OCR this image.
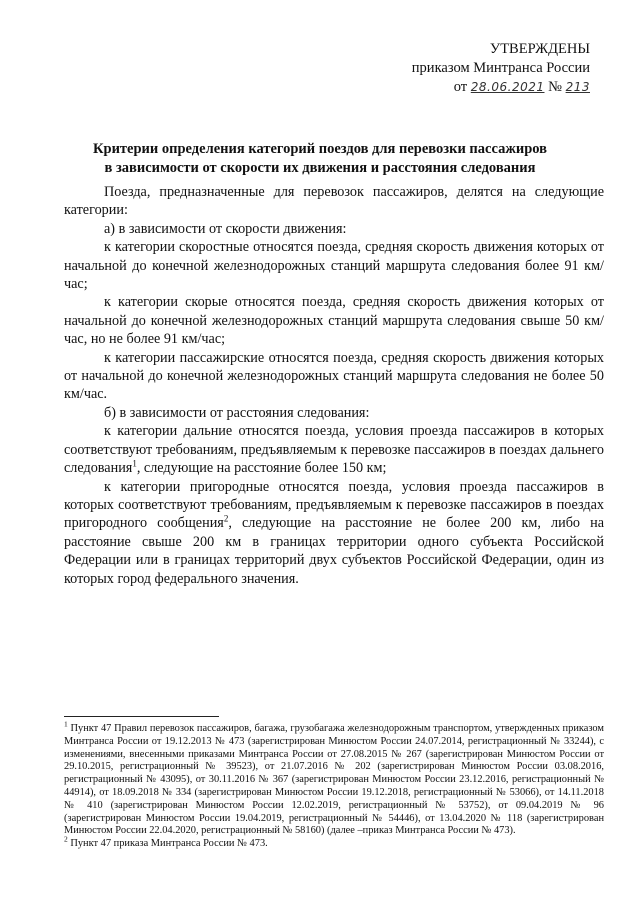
УТВЕРЖДЕНЫ
приказом Минтранса России
от 28.06.2021 № 213
Критерии определения категорий поездов для перевозки пассажиров
в зависимости от скорости их движения и расстояния следования

Поезда, предназначенные для перевозок пассажиров, делятся на следующие категории:

а) в зависимости от скорости движения:

к категории скоростные относятся поезда, средняя скорость движения которых от начальной до конечной железнодорожных станций маршрута следования более 91 км/час;

к категории скорые относятся поезда, средняя скорость движения которых от начальной до конечной железнодорожных станций маршрута следования свыше 50 км/час, но не более 91 км/час;

к категории пассажирские относятся поезда, средняя скорость движения которых от начальной до конечной железнодорожных станций маршрута следования не более 50 км/час.

б) в зависимости от расстояния следования:

к категории дальние относятся поезда, условия проезда пассажиров в которых соответствуют требованиям, предъявляемым к перевозке пассажиров в поездах дальнего следования$^1$, следующие на расстояние более 150 км;

к категории пригородные относятся поезда, условия проезда пассажиров в которых соответствуют требованиям, предъявляемым к перевозке пассажиров в поездах пригородного сообщения$^2$, следующие на расстояние не более 200 км, либо на расстояние свыше 200 км в границах территории одного субъекта Российской Федерации или в границах территорий двух субъектов Российской Федерации, один из которых город федерального значения.

$^1$ Пункт 47 Правил перевозок пассажиров, багажа, грузобагажа железнодорожным транспортом, утвержденных приказом Минтранса России от 19.12.2013 № 473 (зарегистрирован Минюстом России 24.07.2014, регистрационный № 33244), с изменениями, внесенными приказами Минтранса России от 27.08.2015 № 267 (зарегистрирован Минюстом России от 29.10.2015, регистрационный № 39523), от 21.07.2016 № 202 (зарегистрирован Минюстом России 03.08.2016, регистрационный № 43095), от 30.11.2016 № 367 (зарегистрирован Минюстом России 23.12.2016, регистрационный № 44914), от 18.09.2018 № 334 (зарегистрирован Минюстом России 19.12.2018, регистрационный № 53066), от 14.11.2018 № 410 (зарегистрирован Минюстом России 12.02.2019, регистрационный № 53752), от 09.04.2019 № 96 (зарегистрирован Минюстом России 19.04.2019, регистрационный № 54446), от 13.04.2020 № 118 (зарегистрирован Минюстом России 22.04.2020, регистрационный № 58160) (далее –приказ Минтранса России № 473).

$^2$ Пункт 47 приказа Минтранса России № 473.
